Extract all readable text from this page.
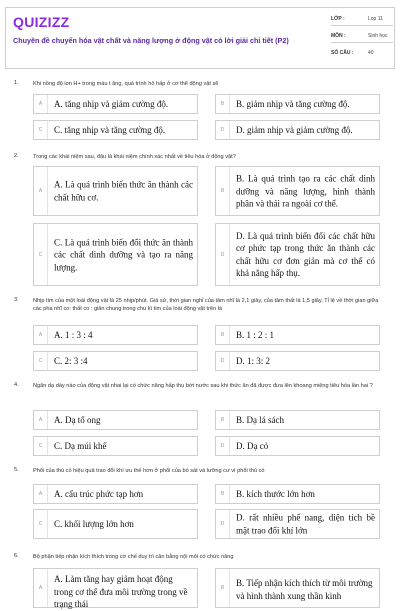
QUIZIZZ
Chuyên đề chuyển hóa vật chất và năng lượng ở động vật có lời giải chi tiết (P2)
LỚP :	Lop 11
MÔN :	Sinh học
SỐ CÂU :	40
1.	Khi nồng độ ion H+ trong máu t ăng, quá trình hô hấp ở cơ thể động vật sẽ
A	A. tăng nhịp và giảm cường độ.	B	B. giảm nhịp và tăng cường độ.
C	C. tăng nhịp và tăng cường độ.	D	D. giảm nhịp và giảm cường độ.
2.	Trong các khái niệm sau, đâu là khái niệm chính xác nhất về tiêu hóa ở động vật?
A
A. Là quá trình biến thức ăn thành các chất hữu cơ.
B
B. Là quá trình tạo ra các chất dinh dưỡng và năng lượng, hình thành phân và thải ra ngoài cơ thể.
C
C. Là quá trình biến đổi thức ăn thành các chất dinh dưỡng và tạo ra năng lượng.
D
D. Là quá trình biến đổi các chất hữu cơ phức tạp trong thức ăn thành các chất hữu cơ đơn giản mà cơ thể có khả năng hấp thụ.
3.	Nhịp tim của một loài động vật là 25 nhịp/phút. Giả sử, thời gian nghỉ của tâm nhĩ là 2,1 giây, của tâm thất là 1,5 giây. Tỉ lệ về thời gian giữa các pha nhĩ co: thất co : giãn chung trong chu kì tim của loài động vật trên là
A	A. 1 : 3 : 4	B	B. 1 : 2 : 1
C	C. 2: 3 :4	D	D. 1: 3: 2
4.	Ngăn dạ dày nào của động vật nhai lại có chức năng hấp thụ bớt nước sau khi thức ăn đã được đưa lên khoang miệng tiêu hóa lần hai ?
A	A. Dạ tổ ong	B	B. Dạ lá sách
C	C. Dạ múi khế	D	D. Dạ cỏ
5.	Phổi của thú có hiệu quả trao đổi khí ưu thế hơn ở phổi của bò sát và lưỡng cư vì phổi thú có
A	A. cấu trúc phức tạp hơn	B	B. kích thước lớn hơn
C	C. khối lượng lớn hơn	D
D. rất nhiều phế nang, diện tích bề mặt trao đổi khí lớn
6.	Bộ phận tiếp nhận kích thích trong cơ chế duy trì cân bằng nội môi có chức năng
A
A. Làm tăng hay giảm hoạt động trong cơ thể đưa môi trường trong về trạng thái
B	B. Tiếp nhận kích thích từ môi trường và hình thành xung thần kinh
